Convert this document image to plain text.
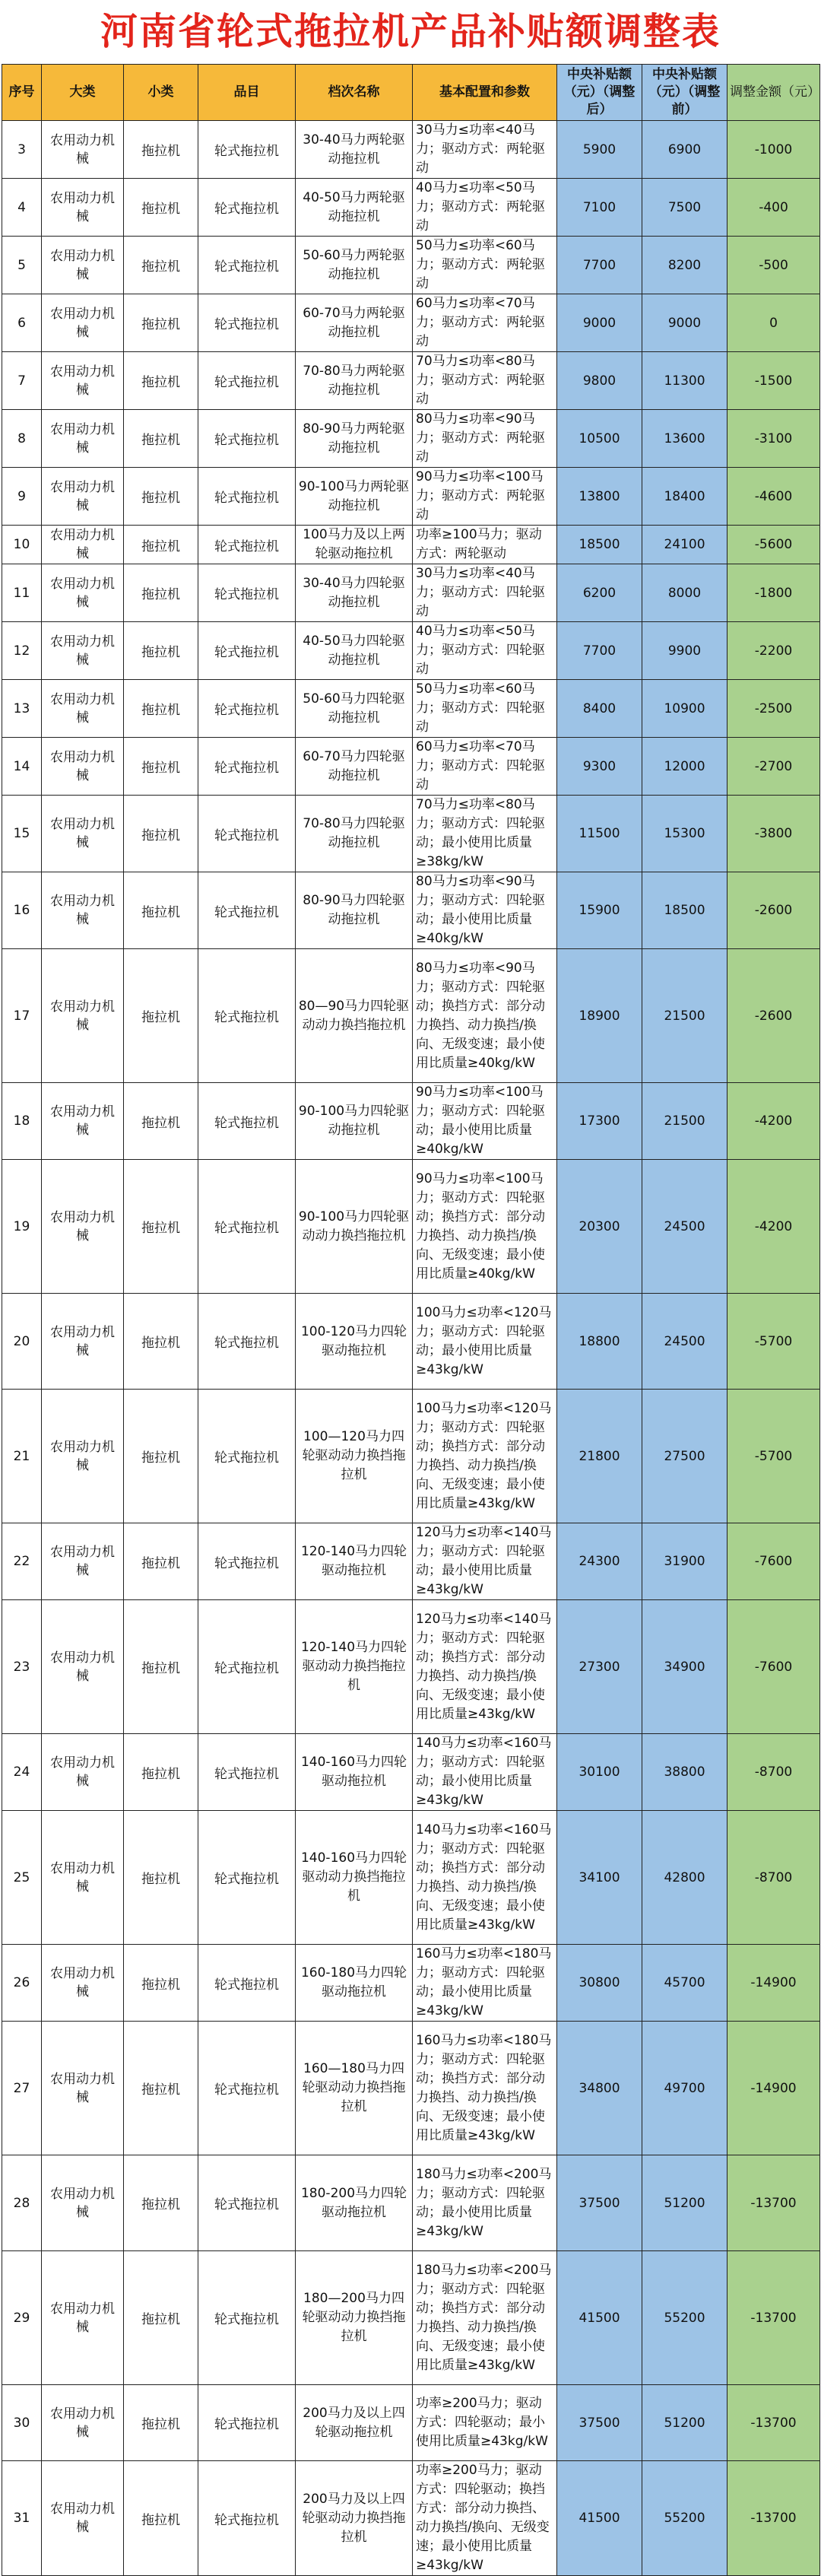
河南省轮式拖拉机产品补贴额调整表
序号	大类	小类	品目	档次名称	基本配置和参数	中央补贴额（元）（调整后）	中央补贴额（元）（调整前）	调整金额（元）
3	农用动力机械	拖拉机	轮式拖拉机	30-40马力两轮驱动拖拉机	30马力≤功率<40马力；驱动方式：两轮驱动	5900	6900	-1000
4	农用动力机械	拖拉机	轮式拖拉机	40-50马力两轮驱动拖拉机	40马力≤功率<50马力；驱动方式：两轮驱动	7100	7500	-400
5	农用动力机械	拖拉机	轮式拖拉机	50-60马力两轮驱动拖拉机	50马力≤功率<60马力；驱动方式：两轮驱动	7700	8200	-500
6	农用动力机械	拖拉机	轮式拖拉机	60-70马力两轮驱动拖拉机	60马力≤功率<70马力；驱动方式：两轮驱动	9000	9000	0
7	农用动力机械	拖拉机	轮式拖拉机	70-80马力两轮驱动拖拉机	70马力≤功率<80马力；驱动方式：两轮驱动	9800	11300	-1500
8	农用动力机械	拖拉机	轮式拖拉机	80-90马力两轮驱动拖拉机	80马力≤功率<90马力；驱动方式：两轮驱动	10500	13600	-3100
9	农用动力机械	拖拉机	轮式拖拉机	90-100马力两轮驱动拖拉机	90马力≤功率<100马力；驱动方式：两轮驱动	13800	18400	-4600
10	农用动力机械	拖拉机	轮式拖拉机	100马力及以上两轮驱动拖拉机	功率≥100马力；驱动方式：两轮驱动	18500	24100	-5600
11	农用动力机械	拖拉机	轮式拖拉机	30-40马力四轮驱动拖拉机	30马力≤功率<40马力；驱动方式：四轮驱动	6200	8000	-1800
12	农用动力机械	拖拉机	轮式拖拉机	40-50马力四轮驱动拖拉机	40马力≤功率<50马力；驱动方式：四轮驱动	7700	9900	-2200
13	农用动力机械	拖拉机	轮式拖拉机	50-60马力四轮驱动拖拉机	50马力≤功率<60马力；驱动方式：四轮驱动	8400	10900	-2500
14	农用动力机械	拖拉机	轮式拖拉机	60-70马力四轮驱动拖拉机	60马力≤功率<70马力；驱动方式：四轮驱动	9300	12000	-2700
15	农用动力机械	拖拉机	轮式拖拉机	70-80马力四轮驱动拖拉机	70马力≤功率<80马力；驱动方式：四轮驱动；最小使用比质量≥38kg/kW	11500	15300	-3800
16	农用动力机械	拖拉机	轮式拖拉机	80-90马力四轮驱动拖拉机	80马力≤功率<90马力；驱动方式：四轮驱动；最小使用比质量≥40kg/kW	15900	18500	-2600
17	农用动力机械	拖拉机	轮式拖拉机	80—90马力四轮驱动动力换挡拖拉机	80马力≤功率<90马力；驱动方式：四轮驱动；换挡方式：部分动力换挡、动力换挡/换向、无级变速；最小使用比质量≥40kg/kW	18900	21500	-2600
18	农用动力机械	拖拉机	轮式拖拉机	90-100马力四轮驱动拖拉机	90马力≤功率<100马力；驱动方式：四轮驱动；最小使用比质量≥40kg/kW	17300	21500	-4200
19	农用动力机械	拖拉机	轮式拖拉机	90-100马力四轮驱动动力换挡拖拉机	90马力≤功率<100马力；驱动方式：四轮驱动；换挡方式：部分动力换挡、动力换挡/换向、无级变速；最小使用比质量≥40kg/kW	20300	24500	-4200
20	农用动力机械	拖拉机	轮式拖拉机	100-120马力四轮驱动拖拉机	100马力≤功率<120马力；驱动方式：四轮驱动；最小使用比质量≥43kg/kW	18800	24500	-5700
21	农用动力机械	拖拉机	轮式拖拉机	100—120马力四轮驱动动力换挡拖拉机	100马力≤功率<120马力；驱动方式：四轮驱动；换挡方式：部分动力换挡、动力换挡/换向、无级变速；最小使用比质量≥43kg/kW	21800	27500	-5700
22	农用动力机械	拖拉机	轮式拖拉机	120-140马力四轮驱动拖拉机	120马力≤功率<140马力；驱动方式：四轮驱动；最小使用比质量≥43kg/kW	24300	31900	-7600
23	农用动力机械	拖拉机	轮式拖拉机	120-140马力四轮驱动动力换挡拖拉机	120马力≤功率<140马力；驱动方式：四轮驱动；换挡方式：部分动力换挡、动力换挡/换向、无级变速；最小使用比质量≥43kg/kW	27300	34900	-7600
24	农用动力机械	拖拉机	轮式拖拉机	140-160马力四轮驱动拖拉机	140马力≤功率<160马力；驱动方式：四轮驱动；最小使用比质量≥43kg/kW	30100	38800	-8700
25	农用动力机械	拖拉机	轮式拖拉机	140-160马力四轮驱动动力换挡拖拉机	140马力≤功率<160马力；驱动方式：四轮驱动；换挡方式：部分动力换挡、动力换挡/换向、无级变速；最小使用比质量≥43kg/kW	34100	42800	-8700
26	农用动力机械	拖拉机	轮式拖拉机	160-180马力四轮驱动拖拉机	160马力≤功率<180马力；驱动方式：四轮驱动；最小使用比质量≥43kg/kW	30800	45700	-14900
27	农用动力机械	拖拉机	轮式拖拉机	160—180马力四轮驱动动力换挡拖拉机	160马力≤功率<180马力；驱动方式：四轮驱动；换挡方式：部分动力换挡、动力换挡/换向、无级变速；最小使用比质量≥43kg/kW	34800	49700	-14900
28	农用动力机械	拖拉机	轮式拖拉机	180-200马力四轮驱动拖拉机	180马力≤功率<200马力；驱动方式：四轮驱动；最小使用比质量≥43kg/kW	37500	51200	-13700
29	农用动力机械	拖拉机	轮式拖拉机	180—200马力四轮驱动动力换挡拖拉机	180马力≤功率<200马力；驱动方式：四轮驱动；换挡方式：部分动力换挡、动力换挡/换向、无级变速；最小使用比质量≥43kg/kW	41500	55200	-13700
30	农用动力机械	拖拉机	轮式拖拉机	200马力及以上四轮驱动拖拉机	功率≥200马力；驱动方式：四轮驱动；最小使用比质量≥43kg/kW	37500	51200	-13700
31	农用动力机械	拖拉机	轮式拖拉机	200马力及以上四轮驱动动力换挡拖拉机	功率≥200马力；驱动方式：四轮驱动；换挡方式：部分动力换挡、动力换挡/换向、无级变速；最小使用比质量≥43kg/kW	41500	55200	-13700
